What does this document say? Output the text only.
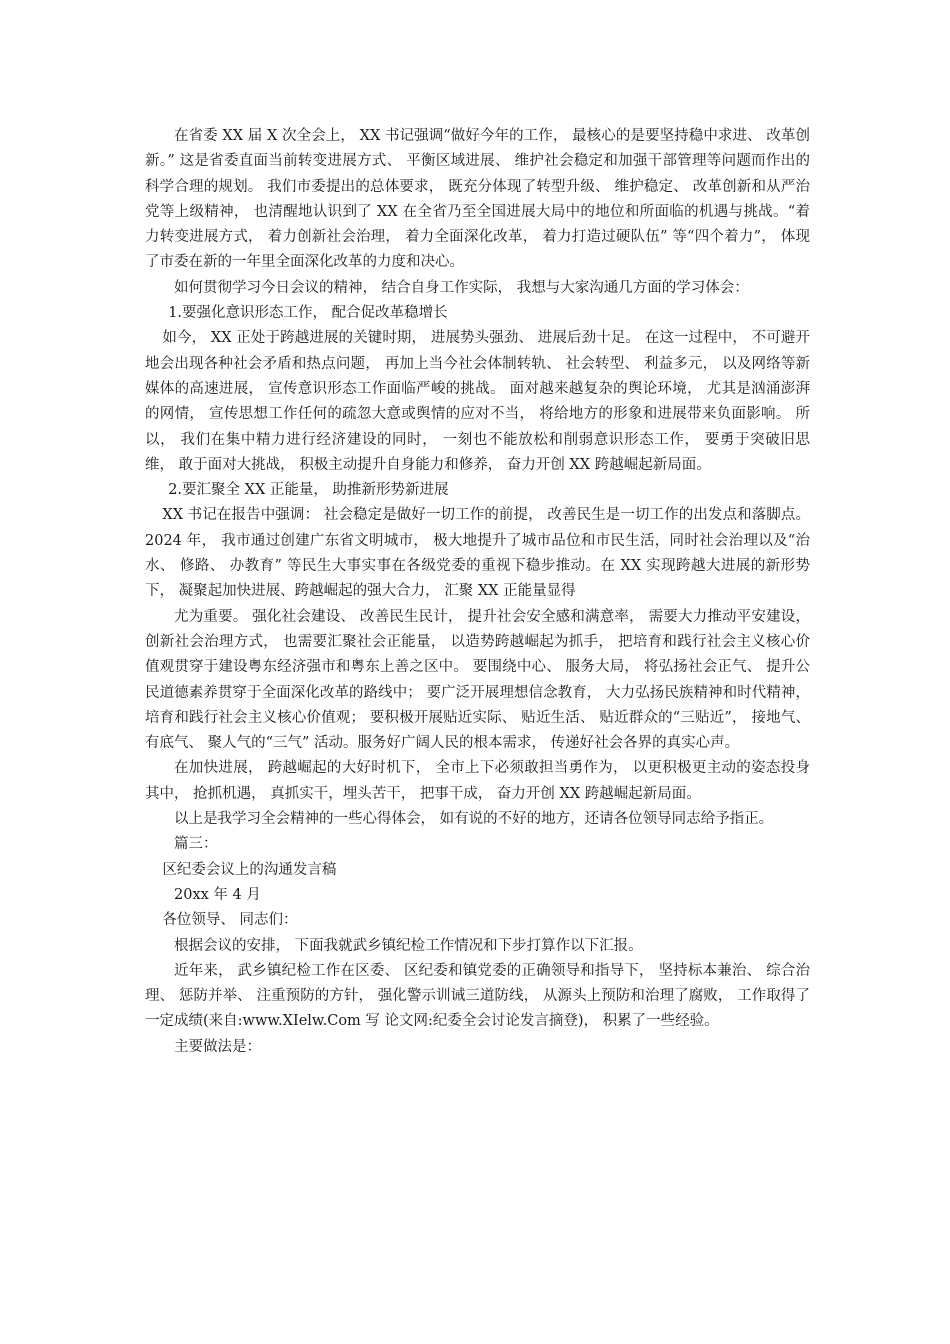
在省委 XX 届 X 次全会上， XX 书记强调“做好今年的工作， 最核心的是要坚持稳中求进、 改革创新。” 这是省委直面当前转变进展方式、 平衡区域进展、 维护社会稳定和加强干部管理等问题而作出的科学合理的规划。 我们市委提出的总体要求， 既充分体现了转型升级、 维护稳定、 改革创新和从严治党等上级精神， 也清醒地认识到了 XX 在全省乃至全国进展大局中的地位和所面临的机遇与挑战。“着力转变进展方式， 着力创新社会治理， 着力全面深化改革， 着力打造过硬队伍” 等“四个着力”， 体现了市委在新的一年里全面深化改革的力度和决心。

如何贯彻学习今日会议的精神， 结合自身工作实际， 我想与大家沟通几方面的学习体会：

1.要强化意识形态工作， 配合促改革稳增长

如今， XX 正处于跨越进展的关键时期， 进展势头强劲、 进展后劲十足。 在这一过程中， 不可避开地会出现各种社会矛盾和热点问题， 再加上当今社会体制转轨、 社会转型、 利益多元， 以及网络等新媒体的高速进展， 宣传意识形态工作面临严峻的挑战。 面对越来越复杂的舆论环境， 尤其是汹涌澎湃的网情， 宣传思想工作任何的疏忽大意或舆情的应对不当， 将给地方的形象和进展带来负面影响。 所以， 我们在集中精力进行经济建设的同时， 一刻也不能放松和削弱意识形态工作， 要勇于突破旧思维， 敢于面对大挑战， 积极主动提升自身能力和修养， 奋力开创 XX 跨越崛起新局面。

2.要汇聚全 XX 正能量， 助推新形势新进展

XX 书记在报告中强调： 社会稳定是做好一切工作的前提， 改善民生是一切工作的出发点和落脚点。 2024 年， 我市通过创建广东省文明城市， 极大地提升了城市品位和市民生活，同时社会治理以及“治水、 修路、 办教育” 等民生大事实事在各级党委的重视下稳步推动。在 XX 实现跨越大进展的新形势下， 凝聚起加快进展、跨越崛起的强大合力， 汇聚 XX 正能量显得

尤为重要。 强化社会建设、 改善民生民计， 提升社会安全感和满意率， 需要大力推动平安建设， 创新社会治理方式， 也需要汇聚社会正能量， 以造势跨越崛起为抓手， 把培育和践行社会主义核心价值观贯穿于建设粤东经济强市和粤东上善之区中。 要围绕中心、 服务大局， 将弘扬社会正气、 提升公民道德素养贯穿于全面深化改革的路线中； 要广泛开展理想信念教育， 大力弘扬民族精神和时代精神， 培育和践行社会主义核心价值观； 要积极开展贴近实际、 贴近生活、 贴近群众的“三贴近”， 接地气、 有底气、 聚人气的“三气” 活动。服务好广阔人民的根本需求， 传递好社会各界的真实心声。

在加快进展， 跨越崛起的大好时机下， 全市上下必须敢担当勇作为， 以更积极更主动的姿态投身其中， 抢抓机遇， 真抓实干，埋头苦干， 把事干成， 奋力开创 XX 跨越崛起新局面。

以上是我学习全会精神的一些心得体会， 如有说的不好的地方，还请各位领导同志给予指正。

篇三：

区纪委会议上的沟通发言稿

20xx 年 4 月

各位领导、 同志们：

根据会议的安排， 下面我就武乡镇纪检工作情况和下步打算作以下汇报。

近年来， 武乡镇纪检工作在区委、 区纪委和镇党委的正确领导和指导下， 坚持标本兼治、 综合治理、 惩防并举、 注重预防的方针， 强化警示训诫三道防线， 从源头上预防和治理了腐败， 工作取得了一定成绩(来自:www.XIelw.Com 写 论文网:纪委全会讨论发言摘登)， 积累了一些经验。

主要做法是：
